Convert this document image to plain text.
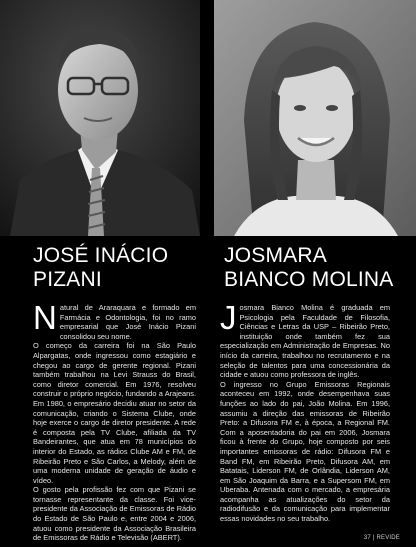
JOSÉ INÁCIO
PIZANI
JOSMARA
BIANCO MOLINA

Natural de Araraquara e formado em Farmácia e Odontologia, foi no ramo empresarial que José Inácio Pizani consolidou seu nome.

O começo da carreira foi na São Paulo Alpargatas, onde ingressou como estagiário e chegou ao cargo de gerente regional. Pizani também trabalhou na Levi Strauss do Brasil, como diretor comercial. Em 1976, resolveu construir o próprio negócio, fundando a Arajeans. Em 1980, o empresário decidiu atuar no setor da comunicação, criando o Sistema Clube, onde hoje exerce o cargo de diretor presidente. A rede é composta pela TV Clube, afiliada da TV Bandeirantes, que atua em 78 municípios do interior do Estado, as rádios Clube AM e FM, de Ribeirão Preto e São Carlos, a Melody, além de uma moderna unidade de geração de áudio e vídeo.

O gosto pela profissão fez com que Pizani se tornasse representante da classe. Foi vice-presidente da Associação de Emissoras de Rádio do Estado de São Paulo e, entre 2004 e 2006, atuou como presidente da Associação Brasileira de Emissoras de Rádio e Televisão (ABERT).

Josmara Bianco Molina é graduada em Psicologia pela Faculdade de Filosofia, Ciências e Letras da USP – Ribeirão Preto, instituição onde também fez sua especialização em Administração de Empresas. No início da carreira, trabalhou no recrutamento e na seleção de talentos para uma concessionária da cidade e atuou como professora de inglês.

O ingresso no Grupo Emissoras Regionais aconteceu em 1992, onde desempenhava suas funções ao lado do pai, João Molina. Em 1996, assumiu a direção das emissoras de Ribeirão Preto: a Difusora FM e, à época, a Regional FM. Com a aposentadoria do pai em 2006, Josmara ficou à frente do Grupo, hoje composto por seis importantes emissoras de rádio: Difusora FM e Band FM, em Ribeirão Preto, Difusora AM, em Batatais, Liderson FM, de Orlândia, Liderson AM, em São Joaquim da Barra, e a Supersom FM, em Uberaba. Antenada com o mercado, a empresária acompanha as atualizações do setor da radiodifusão e da comunicação para implementar essas novidades no seu trabalho.

37 | REVIDE
